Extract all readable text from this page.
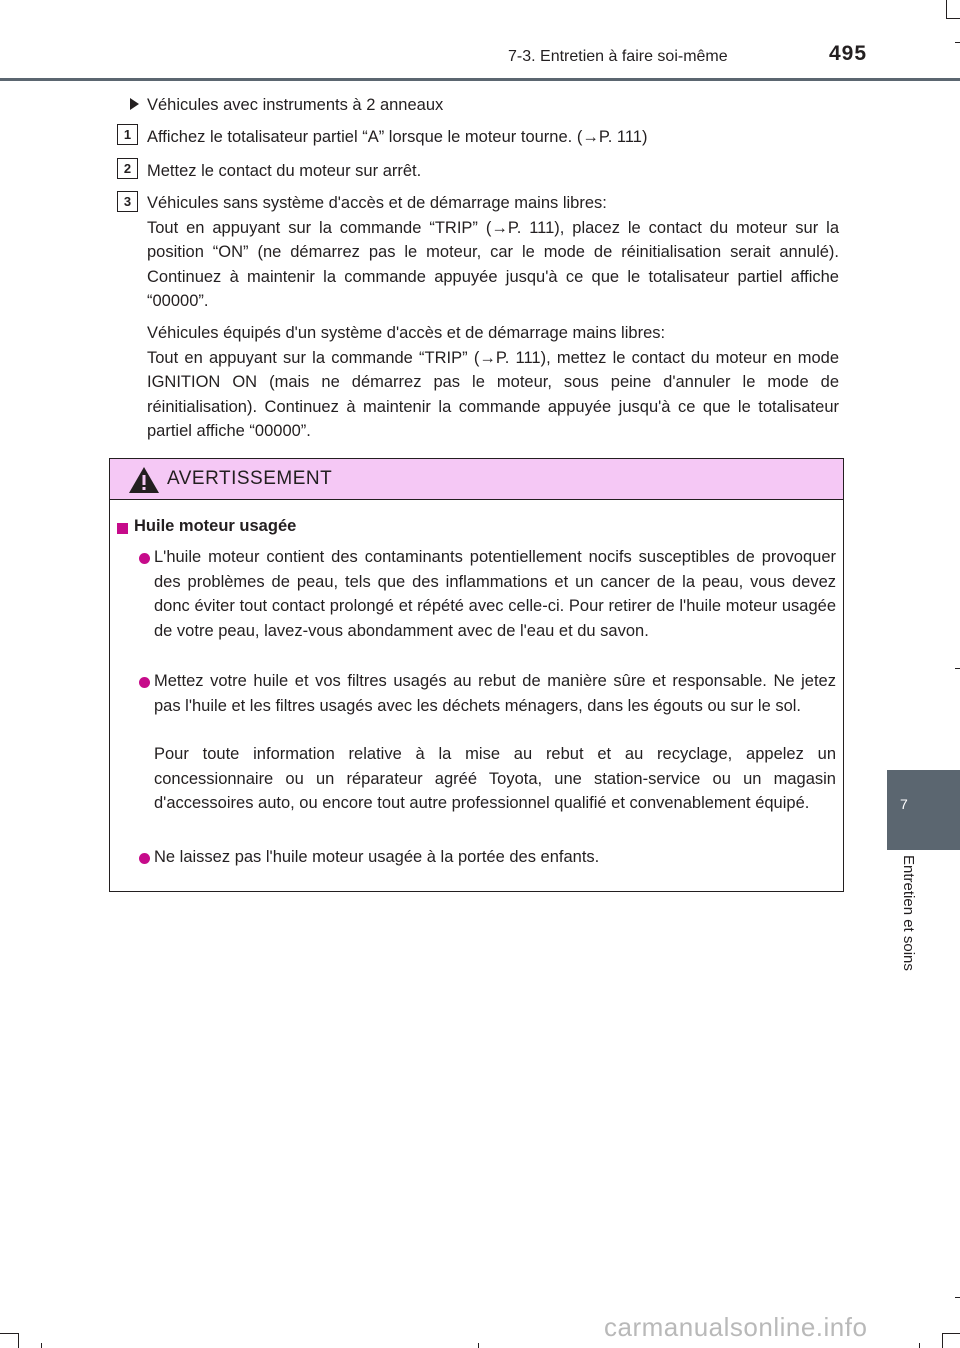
7-3. Entretien à faire soi-même	495
7
Entretien et soins
Véhicules avec instruments à 2 anneaux
1 Affichez le totalisateur partiel “A” lorsque le moteur tourne. (→P. 111)
2 Mettez le contact du moteur sur arrêt.
3 Véhicules sans système d'accès et de démarrage mains libres:

Tout en appuyant sur la commande “TRIP” (→P. 111), placez le contact du moteur sur la position “ON” (ne démarrez pas le moteur, car le mode de réinitialisation serait annulé). Continuez à maintenir la commande appuyée jusqu'à ce que le totalisateur partiel affiche “00000”.

Véhicules équipés d'un système d'accès et de démarrage mains libres:

Tout en appuyant sur la commande “TRIP” (→P. 111), mettez le contact du moteur en mode IGNITION ON (mais ne démarrez pas le moteur, sous peine d'annuler le mode de réinitialisation). Continuez à maintenir la commande appuyée jusqu'à ce que le totalisateur partiel affiche “00000”.

AVERTISSEMENT
Huile moteur usagée
L'huile moteur contient des contaminants potentiellement nocifs susceptibles de provoquer des problèmes de peau, tels que des inflammations et un cancer de la peau, vous devez donc éviter tout contact prolongé et répété avec celle-ci. Pour retirer de l'huile moteur usagée de votre peau, lavez-vous abondamment avec de l'eau et du savon.
Mettez votre huile et vos filtres usagés au rebut de manière sûre et responsable. Ne jetez pas l'huile et les filtres usagés avec les déchets ménagers, dans les égouts ou sur le sol.
Pour toute information relative à la mise au rebut et au recyclage, appelez un concessionnaire ou un réparateur agréé Toyota, une station-service ou un magasin d'accessoires auto, ou encore tout autre professionnel qualifié et convenablement équipé.
Ne laissez pas l'huile moteur usagée à la portée des enfants.
carmanualsonline.info
